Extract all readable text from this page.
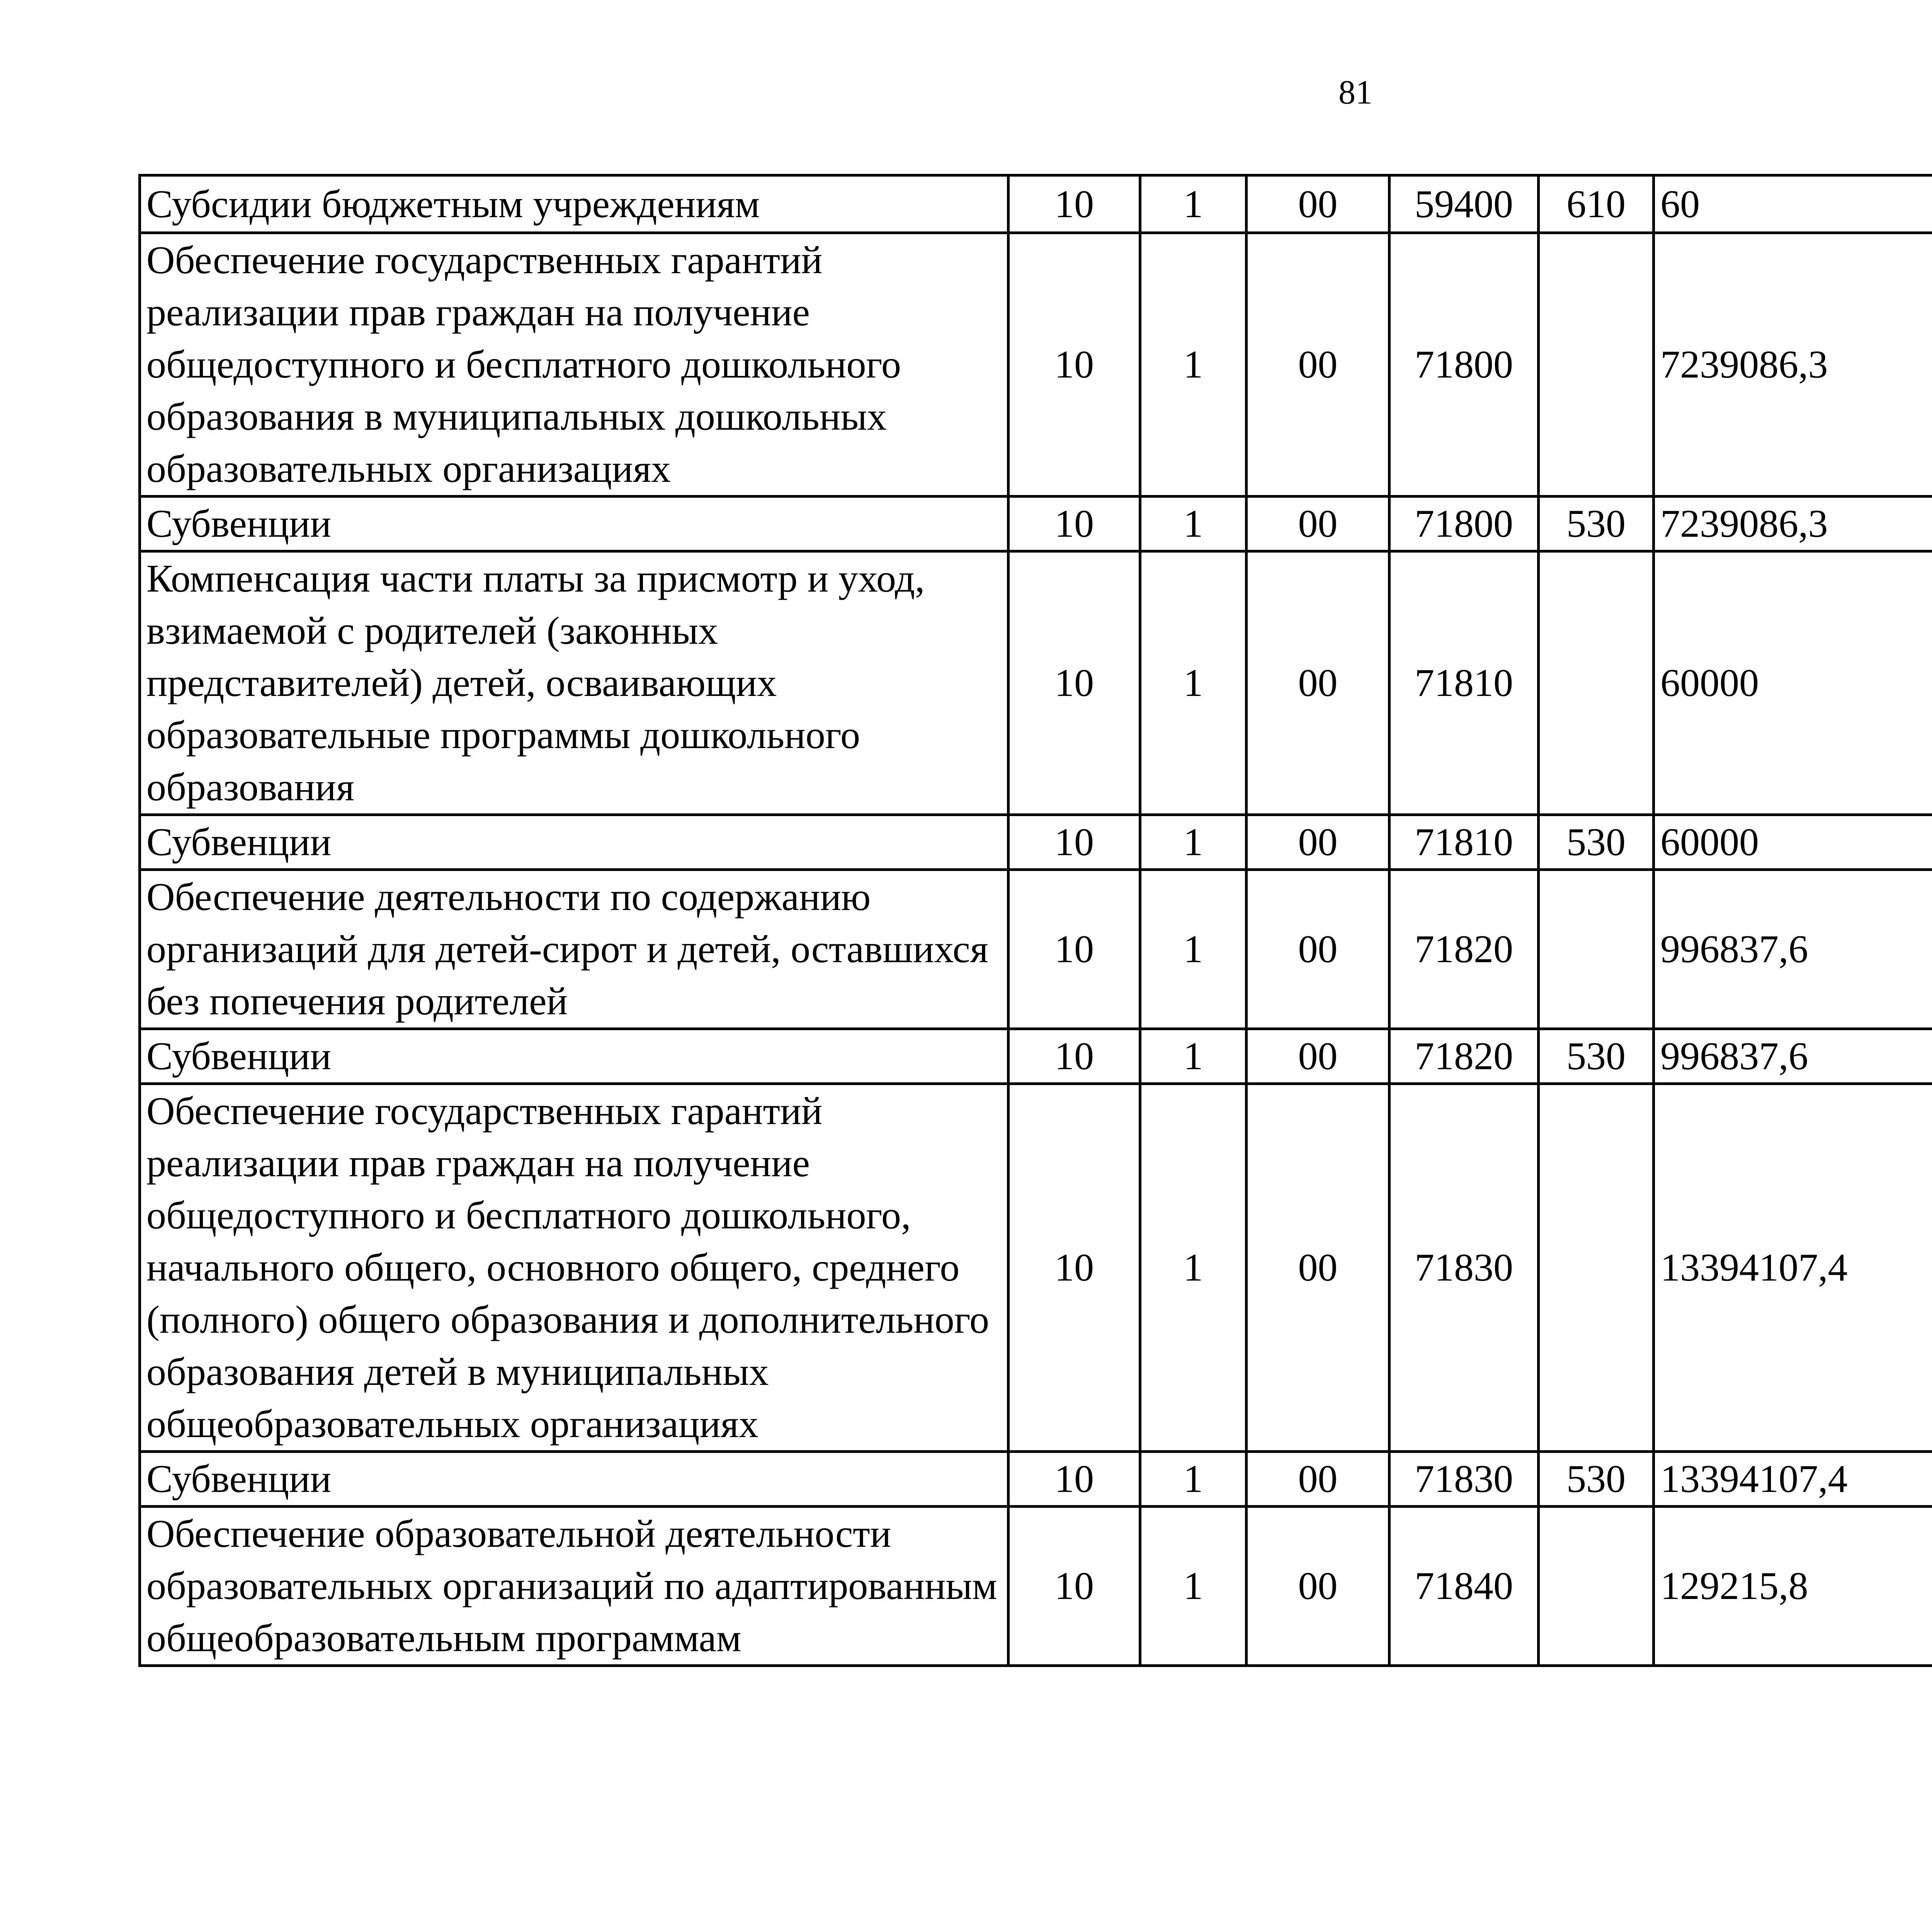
81
Субсидии бюджетным учреждениям	10	1	00	59400	610	60		
Обеспечение государственных гарантий реализации прав граждан на получение общедоступного и бесплатного дошкольного образования в муниципальных дошкольных образовательных организациях	10	1	00	71800		7239086,3		
Субвенции	10	1	00	71800	530	7239086,3		
Компенсация части платы за присмотр и уход, взимаемой с родителей (законных представителей) детей, осваивающих образовательные программы дошкольного образования	10	1	00	71810		60000		
Субвенции	10	1	00	71810	530	60000		
Обеспечение деятельности по содержанию организаций для детей-сирот и детей, оставшихся без попечения родителей	10	1	00	71820		996837,6		
Субвенции	10	1	00	71820	530	996837,6		
Обеспечение государственных гарантий реализации прав граждан на получение общедоступного и бесплатного дошкольного, начального общего, основного общего, среднего (полного) общего образования и дополнительного образования детей в муниципальных общеобразовательных организациях	10	1	00	71830		13394107,4		
Субвенции	10	1	00	71830	530	13394107,4		
Обеспечение образовательной деятельности образовательных организаций по адаптированным общеобразовательным программам	10	1	00	71840		129215,8		
